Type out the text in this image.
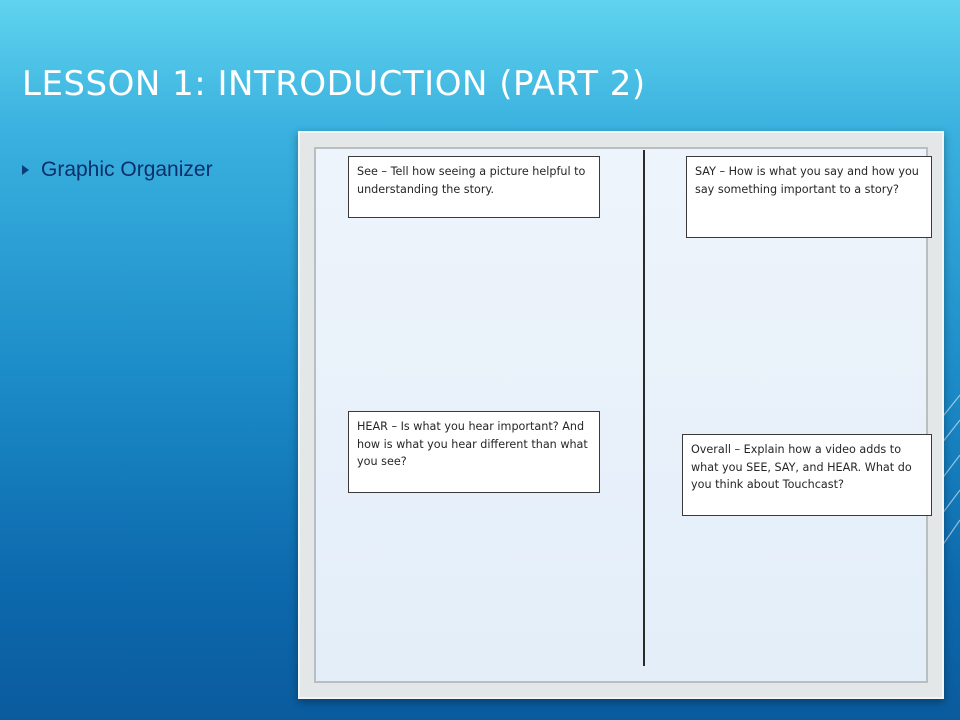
LESSON 1: INTRODUCTION (PART 2)
Graphic Organizer	See – Tell how seeing a picture helpful to understanding the story.
SAY – How is what you say and how you say something important to a story?
HEAR – Is what you hear important? And how is what you hear different than what you see?
Overall – Explain how a video adds to what you SEE, SAY, and HEAR. What do you think about Touchcast?
